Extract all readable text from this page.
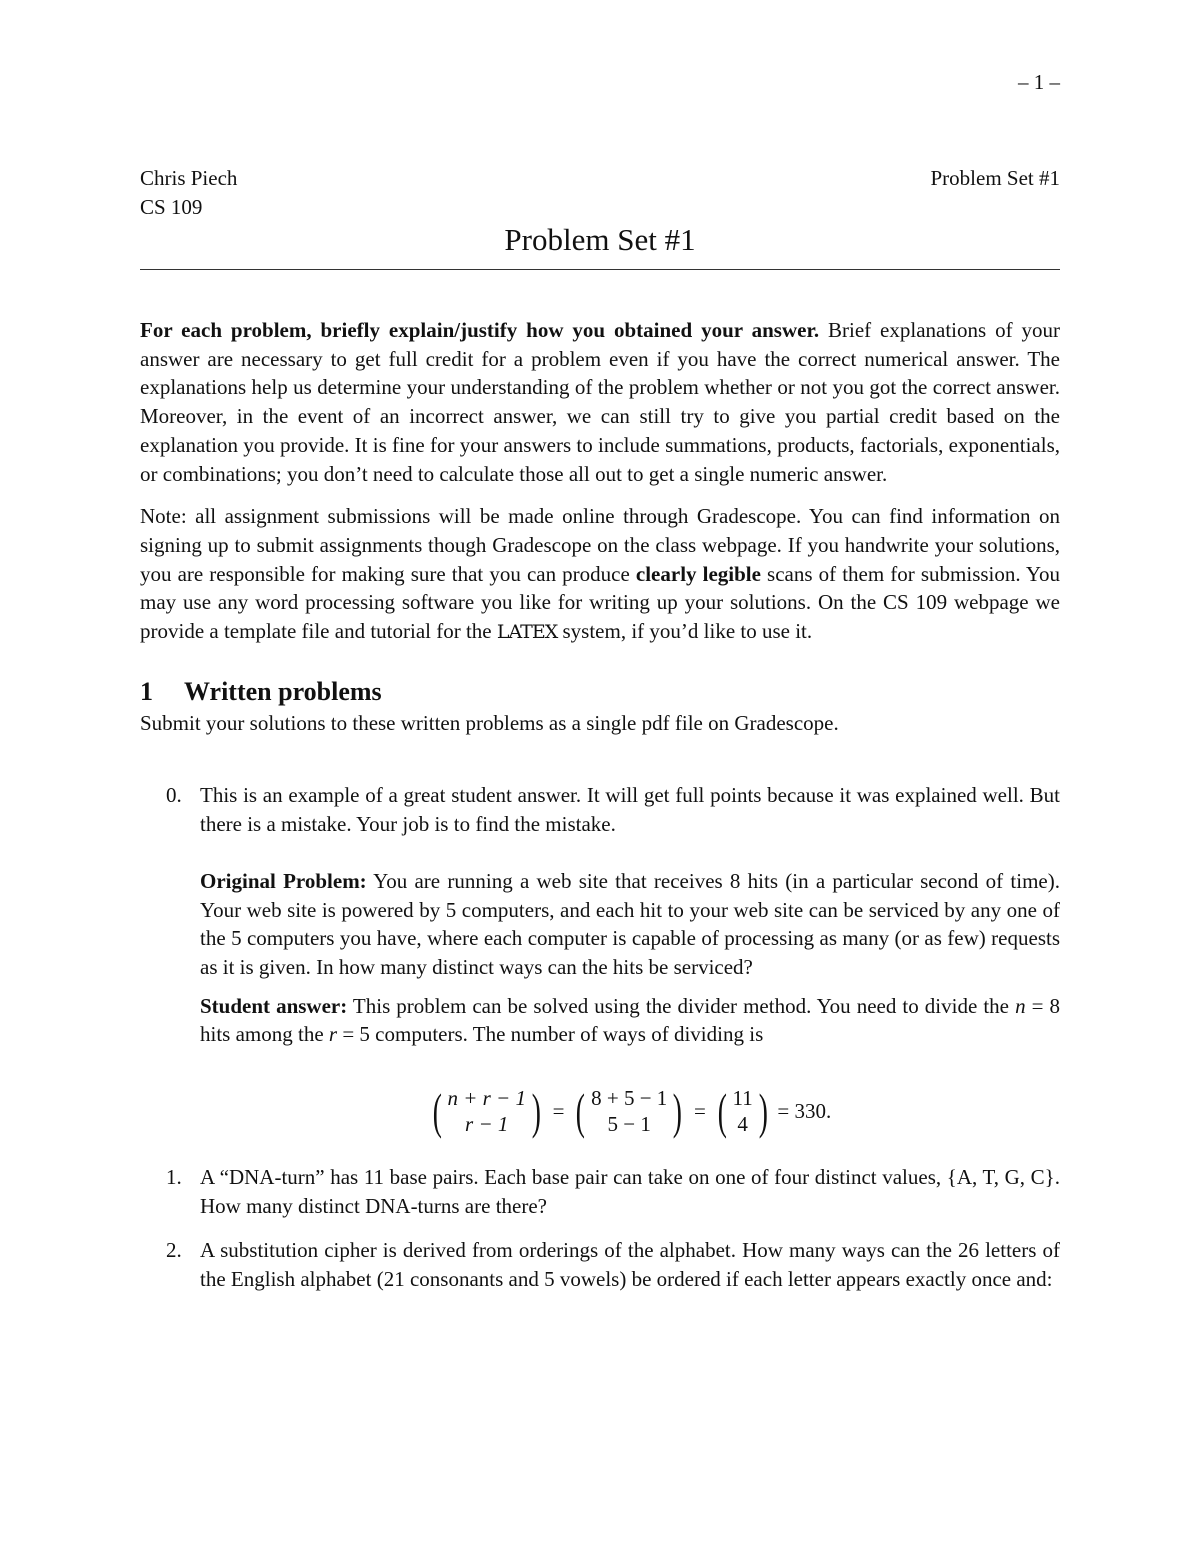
– 1 –
Chris Piech
CS 109
Problem Set #1
Problem Set #1

For each problem, briefly explain/justify how you obtained your answer. Brief explanations of your answer are necessary to get full credit for a problem even if you have the correct numerical answer. The explanations help us determine your understanding of the problem whether or not you got the correct answer. Moreover, in the event of an incorrect answer, we can still try to give you partial credit based on the explanation you provide. It is fine for your answers to include summations, products, factorials, exponentials, or combinations; you don’t need to calculate those all out to get a single numeric answer.

Note: all assignment submissions will be made online through Gradescope. You can find information on signing up to submit assignments though Gradescope on the class webpage. If you handwrite your solutions, you are responsible for making sure that you can produce clearly legible scans of them for submission. You may use any word processing software you like for writing up your solutions. On the CS 109 webpage we provide a template file and tutorial for the LATEX system, if you’d like to use it.

1 Written problems

Submit your solutions to these written problems as a single pdf file on Gradescope.

0. This is an example of a great student answer. It will get full points because it was explained well. But there is a mistake. Your job is to find the mistake.

Original Problem: You are running a web site that receives 8 hits (in a particular second of time). Your web site is powered by 5 computers, and each hit to your web site can be serviced by any one of the 5 computers you have, where each computer is capable of processing as many (or as few) requests as it is given. In how many distinct ways can the hits be serviced?

Student answer: This problem can be solved using the divider method. You need to divide the n = 8 hits among the r = 5 computers. The number of ways of dividing is

( n + r − 1
r − 1 ) = ( 8 + 5 − 1
5 − 1 ) = ( 11
4 ) = 330.
1. A “DNA-turn” has 11 base pairs. Each base pair can take on one of four distinct values, {A, T, G, C}. How many distinct DNA-turns are there?

2. A substitution cipher is derived from orderings of the alphabet. How many ways can the 26 letters of the English alphabet (21 consonants and 5 vowels) be ordered if each letter appears exactly once and:
